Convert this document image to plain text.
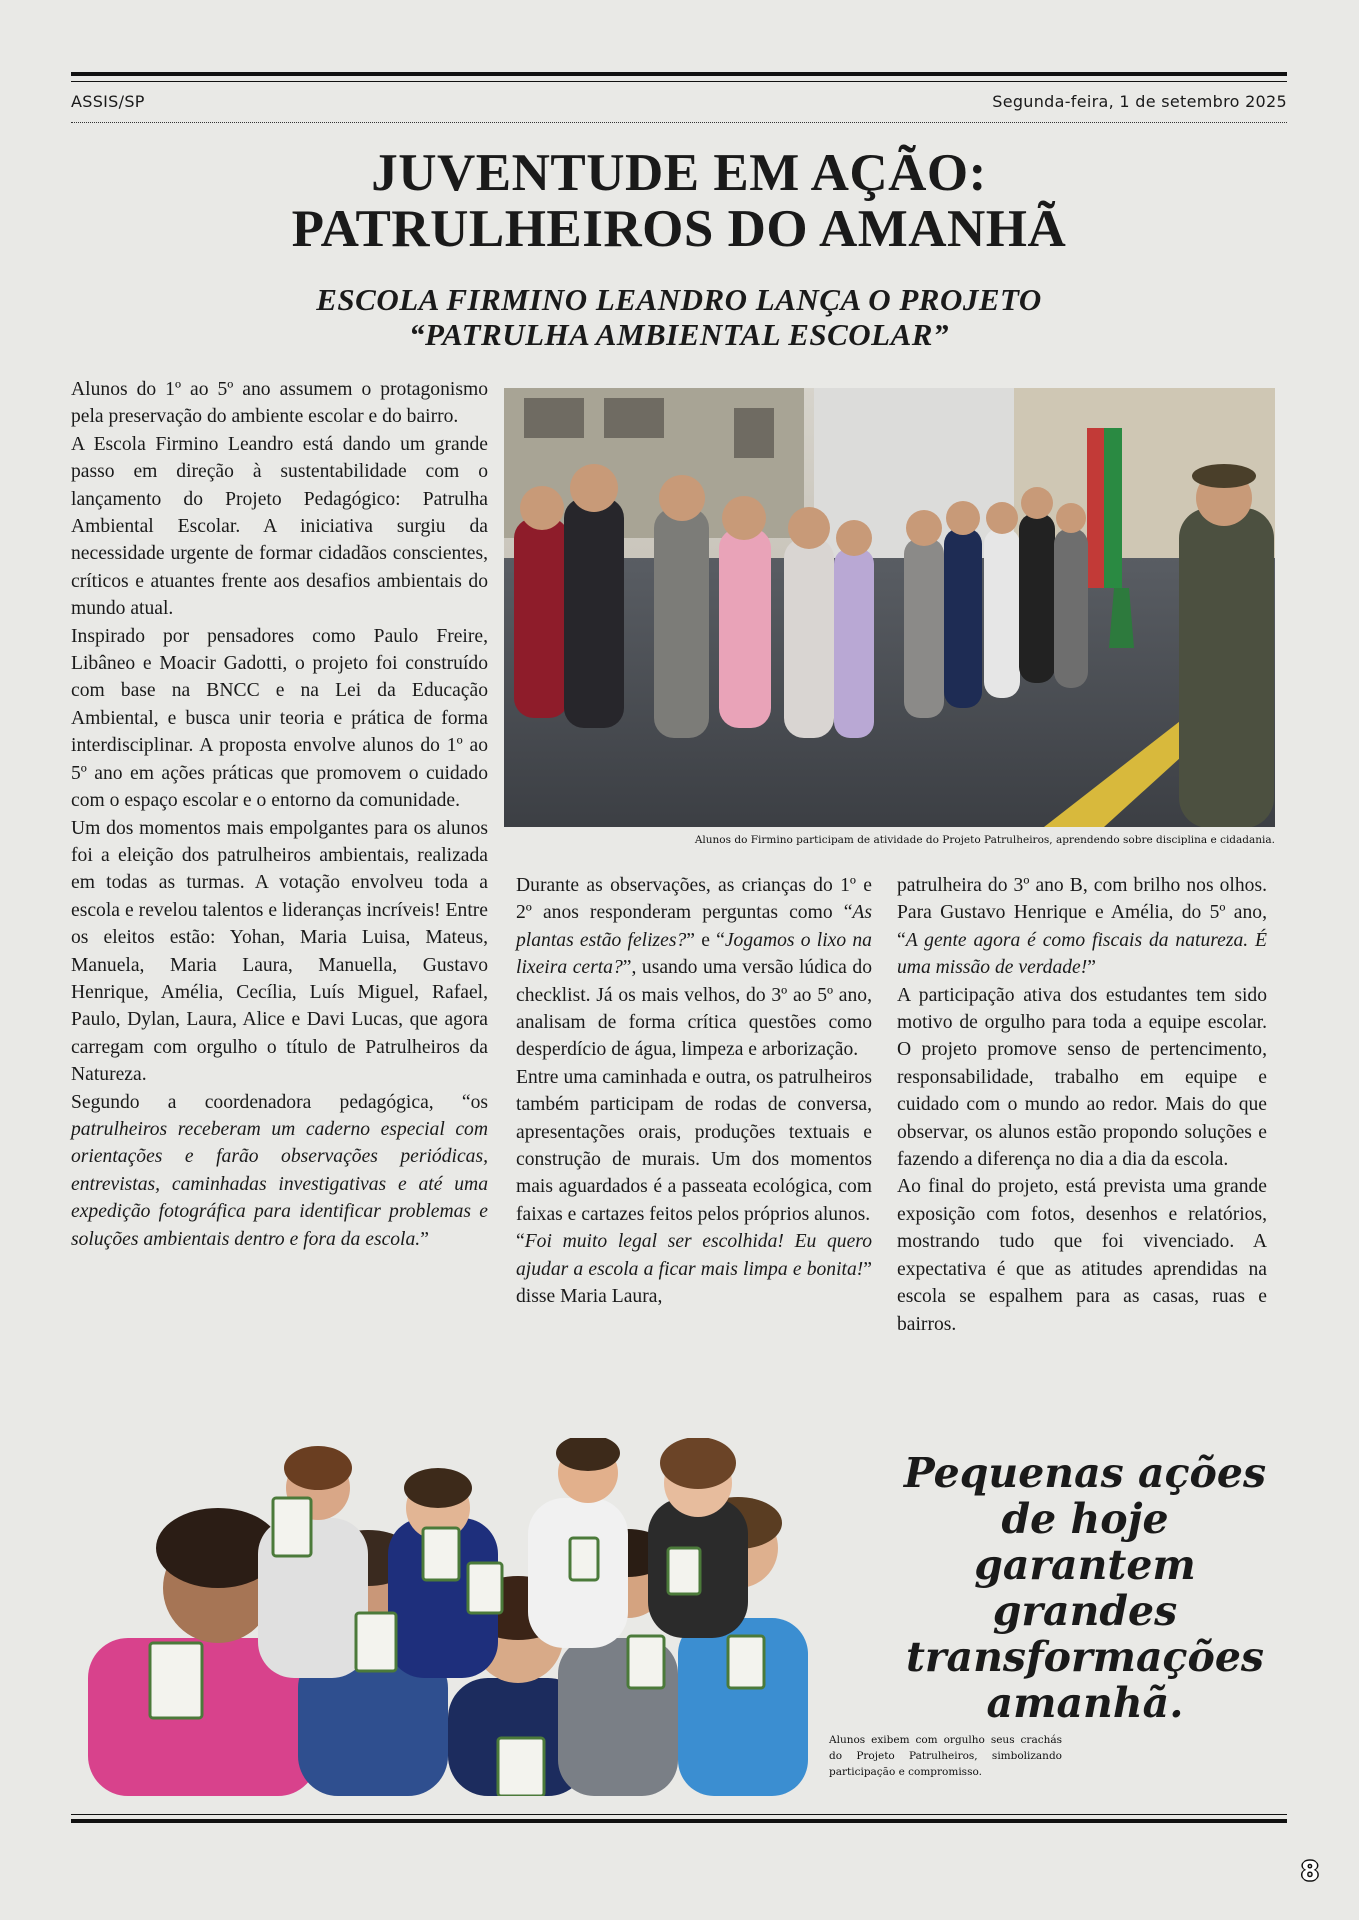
ASSIS/SP	Segunda-feira, 1 de setembro 2025
JUVENTUDE EM AÇÃO:
PATRULHEIROS DO AMANHÃ
ESCOLA FIRMINO LEANDRO LANÇA O PROJETO
“PATRULHA AMBIENTAL ESCOLAR”

Alunos do 1º ao 5º ano assumem o protagonismo pela preservação do ambiente escolar e do bairro.

A Escola Firmino Leandro está dando um grande passo em direção à sustentabilidade com o lançamento do Projeto Pedagógico: Patrulha Ambiental Escolar. A iniciativa surgiu da necessidade urgente de formar cidadãos conscientes, críticos e atuantes frente aos desafios ambientais do mundo atual.

Inspirado por pensadores como Paulo Freire, Libâneo e Moacir Gadotti, o projeto foi construído com base na BNCC e na Lei da Educação Ambiental, e busca unir teoria e prática de forma interdisciplinar. A proposta envolve alunos do 1º ao 5º ano em ações práticas que promovem o cuidado com o espaço escolar e o entorno da comunidade.

Um dos momentos mais empolgantes para os alunos foi a eleição dos patrulheiros ambientais, realizada em todas as turmas. A votação envolveu toda a escola e revelou talentos e lideranças incríveis! Entre os eleitos estão: Yohan, Maria Luisa, Mateus, Manuela, Maria Laura, Manuella, Gustavo Henrique, Amélia, Cecília, Luís Miguel, Rafael, Paulo, Dylan, Laura, Alice e Davi Lucas, que agora carregam com orgulho o título de Patrulheiros da Natureza.

Segundo a coordenadora pedagógica, “os patrulheiros receberam um caderno especial com orientações e farão observações periódicas, entrevistas, caminhadas investigativas e até uma expedição fotográfica para identificar problemas e soluções ambientais dentro e fora da escola.”

Alunos do Firmino participam de atividade do Projeto Patrulheiros, aprendendo sobre disciplina e cidadania.

Durante as observações, as crianças do 1º e 2º anos responderam perguntas como “As plantas estão felizes?” e “Jogamos o lixo na lixeira certa?”, usando uma versão lúdica do checklist. Já os mais velhos, do 3º ao 5º ano, analisam de forma crítica questões como desperdício de água, limpeza e arborização.

Entre uma caminhada e outra, os patrulheiros também participam de rodas de conversa, apresentações orais, produções textuais e construção de murais. Um dos momentos mais aguardados é a passeata ecológica, com faixas e cartazes feitos pelos próprios alunos.

“Foi muito legal ser escolhida! Eu quero ajudar a escola a ficar mais limpa e bonita!” disse Maria Laura,

patrulheira do 3º ano B, com brilho nos olhos. Para Gustavo Henrique e Amélia, do 5º ano, “A gente agora é como fiscais da natureza. É uma missão de verdade!”

A participação ativa dos estudantes tem sido motivo de orgulho para toda a equipe escolar. O projeto promove senso de pertencimento, responsabilidade, trabalho em equipe e cuidado com o mundo ao redor. Mais do que observar, os alunos estão propondo soluções e fazendo a diferença no dia a dia da escola.

Ao final do projeto, está prevista uma grande exposição com fotos, desenhos e relatórios, mostrando tudo que foi vivenciado. A expectativa é que as atitudes aprendidas na escola se espalhem para as casas, ruas e bairros.

Alunos exibem com orgulho seus crachás do Projeto Patrulheiros, simbolizando participação e compromisso.
Pequenas ações de hoje garantem grandes transformações amanhã.
8
